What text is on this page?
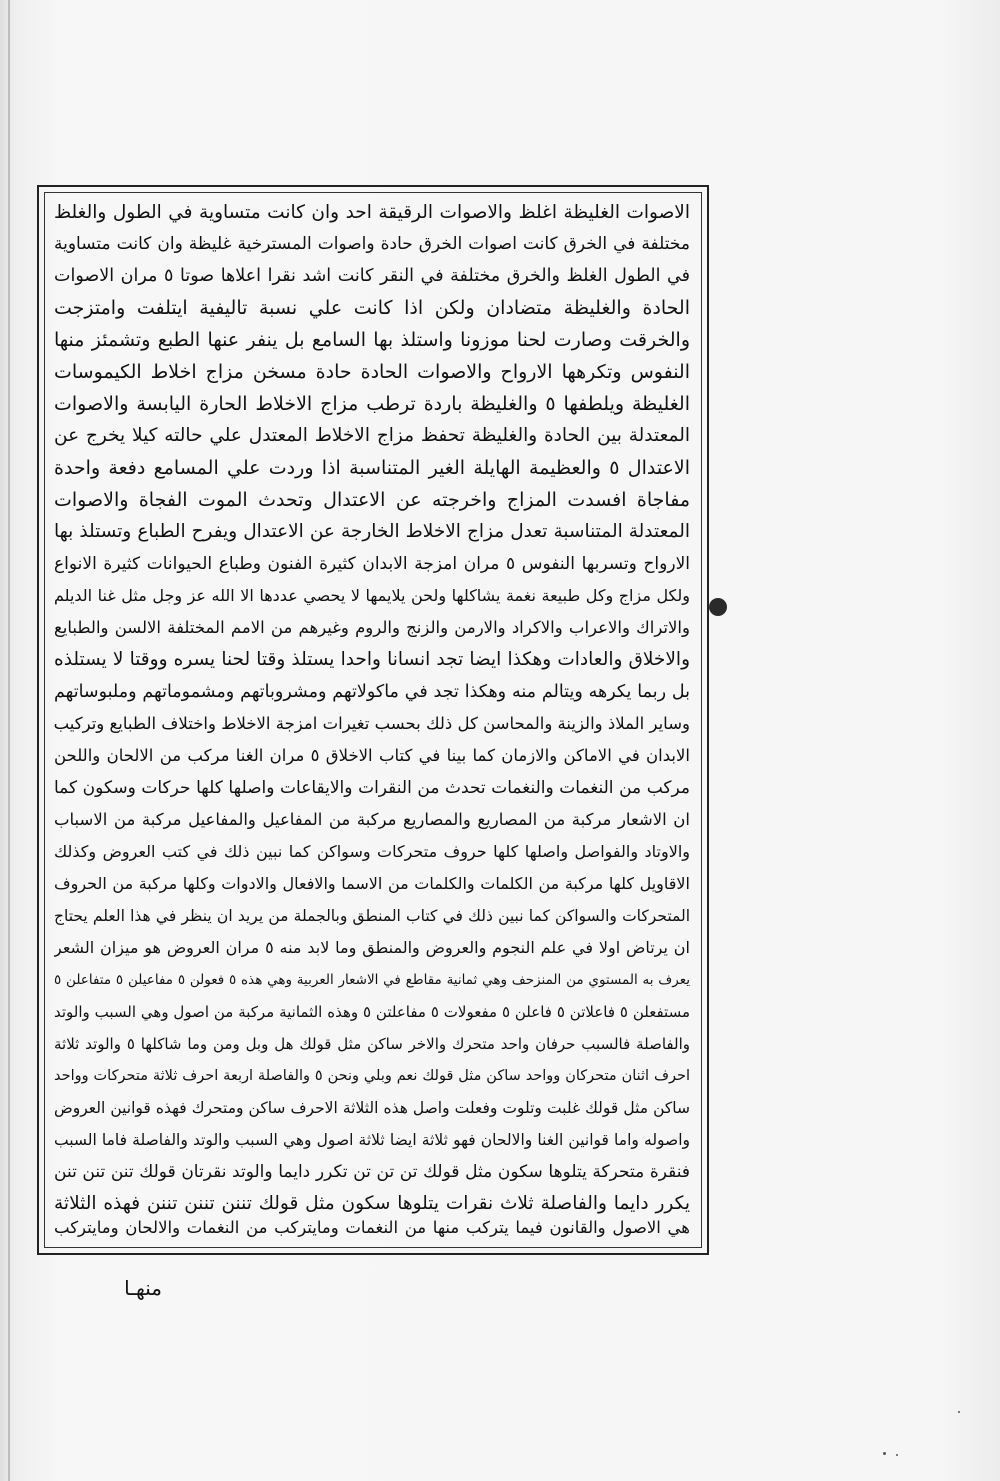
الاصوات الغليظة اغلظ والاصوات الرقيقة احد وان كانت متساوية في الطول والغلظ
مختلفة في الخرق كانت اصوات الخرق حادة واصوات المسترخية غليظة وان كانت متساوية
في الطول الغلظ والخرق مختلفة في النقر كانت اشد نقرا اعلاها صوتا ٥ مران الاصوات
الحادة والغليظة متضادان ولكن اذا كانت علي نسبة تاليفية ايتلفت وامتزجت
والخرقت وصارت لحنا موزونا واستلذ بها السامع بل ينفر عنها الطبع وتشمئز منها
النفوس وتكرهها الارواح والاصوات الحادة حادة مسخن مزاج اخلاط الكيموسات
الغليظة ويلطفها ٥ والغليظة باردة ترطب مزاج الاخلاط الحارة اليابسة والاصوات
المعتدلة بين الحادة والغليظة تحفظ مزاج الاخلاط المعتدل علي حالته كيلا يخرج عن
الاعتدال ٥ والعظيمة الهايلة الغير المتناسبة اذا وردت علي المسامع دفعة واحدة
مفاجاة افسدت المزاج واخرجته عن الاعتدال وتحدث الموت الفجاة والاصوات
المعتدلة المتناسبة تعدل مزاج الاخلاط الخارجة عن الاعتدال ويفرح الطباع وتستلذ بها
الارواح وتسربها النفوس ٥ مران امزجة الابدان كثيرة الفنون وطباع الحيوانات كثيرة الانواع
ولكل مزاج وكل طبيعة نغمة يشاكلها ولحن يلايمها لا يحصي عددها الا الله عز وجل مثل غنا الديلم
والاتراك والاعراب والاكراد والارمن والزنج والروم وغيرهم من الامم المختلفة الالسن والطبايع
والاخلاق والعادات وهكذا ايضا تجد انسانا واحدا يستلذ وقتا لحنا يسره ووقتا لا يستلذه
بل ربما يكرهه ويتالم منه وهكذا تجد في ماكولاتهم ومشروباتهم ومشموماتهم وملبوساتهم
وساير الملاذ والزينة والمحاسن كل ذلك بحسب تغيرات امزجة الاخلاط واختلاف الطبايع وتركيب
الابدان في الاماكن والازمان كما بينا في كتاب الاخلاق ٥ مران الغنا مركب من الالحان واللحن
مركب من النغمات والنغمات تحدث من النقرات والايقاعات واصلها كلها حركات وسكون كما
ان الاشعار مركبة من المصاريع والمصاريع مركبة من المفاعيل والمفاعيل مركبة من الاسباب
والاوتاد والفواصل واصلها كلها حروف متحركات وسواكن كما نبين ذلك في كتب العروض وكذلك
الاقاويل كلها مركبة من الكلمات والكلمات من الاسما والافعال والادوات وكلها مركبة من الحروف
المتحركات والسواكن كما نبين ذلك في كتاب المنطق وبالجملة من يريد ان ينظر في هذا العلم يحتاج
ان يرتاض اولا في علم النجوم والعروض والمنطق وما لابد منه ٥ مران العروض هو ميزان الشعر
يعرف به المستوي من المنزحف وهي ثمانية مقاطع في الاشعار العربية وهي هذه ٥ فعولن ٥ مفاعيلن ٥ متفاعلن ٥
مستفعلن ٥ فاعلاتن ٥ فاعلن ٥ مفعولات ٥ مفاعلتن ٥ وهذه الثمانية مركبة من اصول وهي السبب والوتد
والفاصلة فالسبب حرفان واحد متحرك والاخر ساكن مثل قولك هل وبل ومن وما شاكلها ٥ والوتد ثلاثة
احرف اثنان متحركان وواحد ساكن مثل قولك نعم وبلي ونحن ٥ والفاصلة اربعة احرف ثلاثة متحركات وواحد
ساكن مثل قولك غلبت وتلوت وفعلت واصل هذه الثلاثة الاحرف ساكن ومتحرك فهذه قوانين العروض
واصوله واما قوانين الغنا والالحان فهو ثلاثة ايضا ثلاثة اصول وهي السبب والوتد والفاصلة فاما السبب
فنقرة متحركة يتلوها سكون مثل قولك تن تن تن تكرر دايما والوتد نقرتان قولك تنن تنن تنن
يكرر دايما والفاصلة ثلاث نقرات يتلوها سكون مثل قولك تننن تننن تننن فهذه الثلاثة
هي الاصول والقانون فيما يتركب منها من النغمات ومايتركب من النغمات والالحان ومايتركب
منهـا
